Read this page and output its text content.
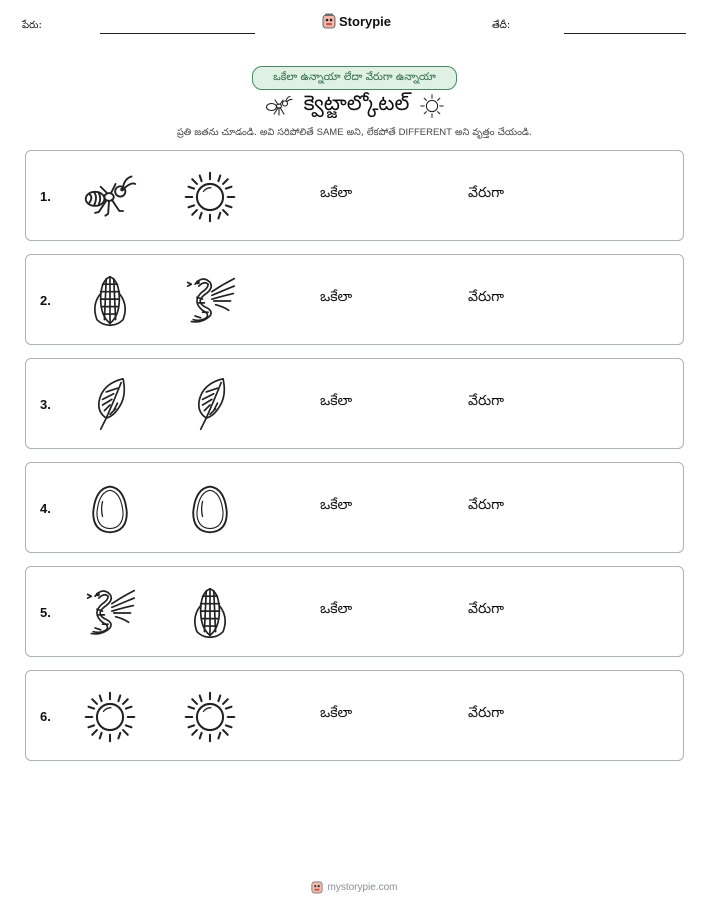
పేరు:	Storypie	తేదీ:
ఒకేలా ఉన్నాయా లేదా వేరుగా ఉన్నాయా
క్వెట్జాల్కోటల్
ప్రతి జతను చూడండి. అవి సరిపోలితే SAME అని, లేకపోతే DIFFERENT అని వృత్తం చేయండి.
1.	ఒకేలా	వేరుగా
2.	ఒకేలా	వేరుగా
3.	ఒకేలా	వేరుగా
4.	ఒకేలా	వేరుగా
5.	ఒకేలా	వేరుగా
6.	ఒకేలా	వేరుగా
mystorypie.com
